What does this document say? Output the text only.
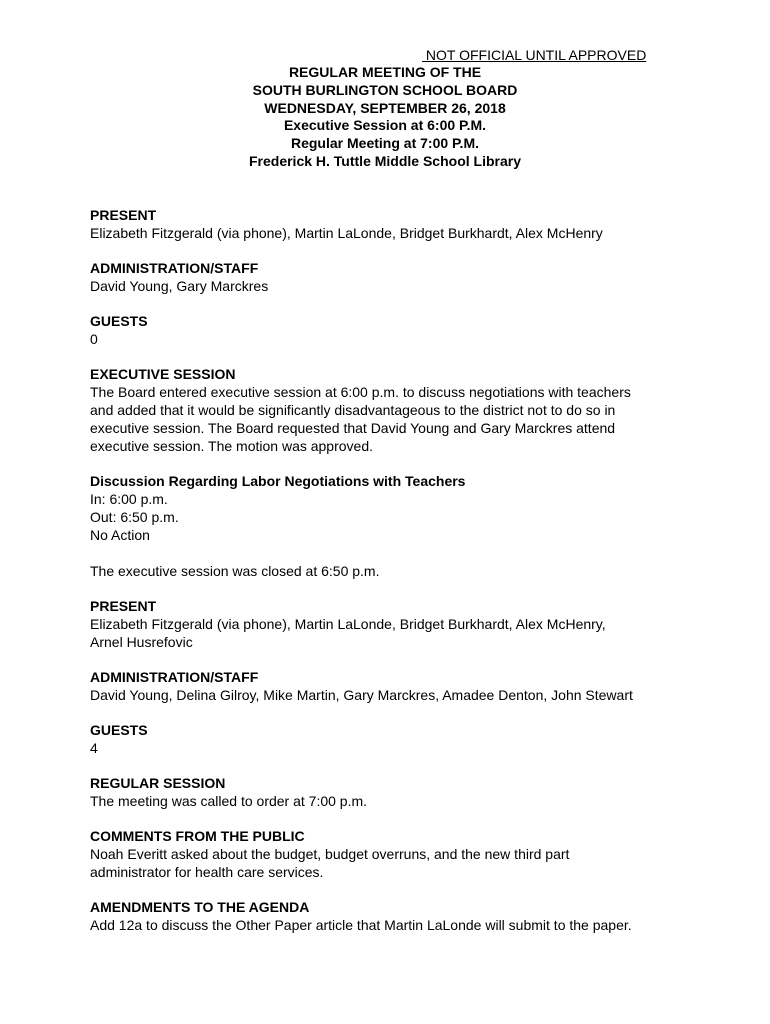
NOT OFFICIAL UNTIL APPROVED
REGULAR MEETING OF THE
SOUTH BURLINGTON SCHOOL BOARD
WEDNESDAY, SEPTEMBER 26, 2018
Executive Session at 6:00 P.M.
Regular Meeting at 7:00 P.M.
Frederick H. Tuttle Middle School Library
PRESENT

Elizabeth Fitzgerald (via phone), Martin LaLonde, Bridget Burkhardt, Alex McHenry

ADMINISTRATION/STAFF

David Young, Gary Marckres

GUESTS

0

EXECUTIVE SESSION

The Board entered executive session at 6:00 p.m. to discuss negotiations with teachers

and added that it would be significantly disadvantageous to the district not to do so in

executive session. The Board requested that David Young and Gary Marckres attend

executive session. The motion was approved.

Discussion Regarding Labor Negotiations with Teachers

In: 6:00 p.m.

Out: 6:50 p.m.

No Action

The executive session was closed at 6:50 p.m.

PRESENT

Elizabeth Fitzgerald (via phone), Martin LaLonde, Bridget Burkhardt, Alex McHenry,

Arnel Husrefovic

ADMINISTRATION/STAFF

David Young, Delina Gilroy, Mike Martin, Gary Marckres, Amadee Denton, John Stewart

GUESTS

4

REGULAR SESSION

The meeting was called to order at 7:00 p.m.

COMMENTS FROM THE PUBLIC

Noah Everitt asked about the budget, budget overruns, and the new third part

administrator for health care services.

AMENDMENTS TO THE AGENDA

Add 12a to discuss the Other Paper article that Martin LaLonde will submit to the paper.
